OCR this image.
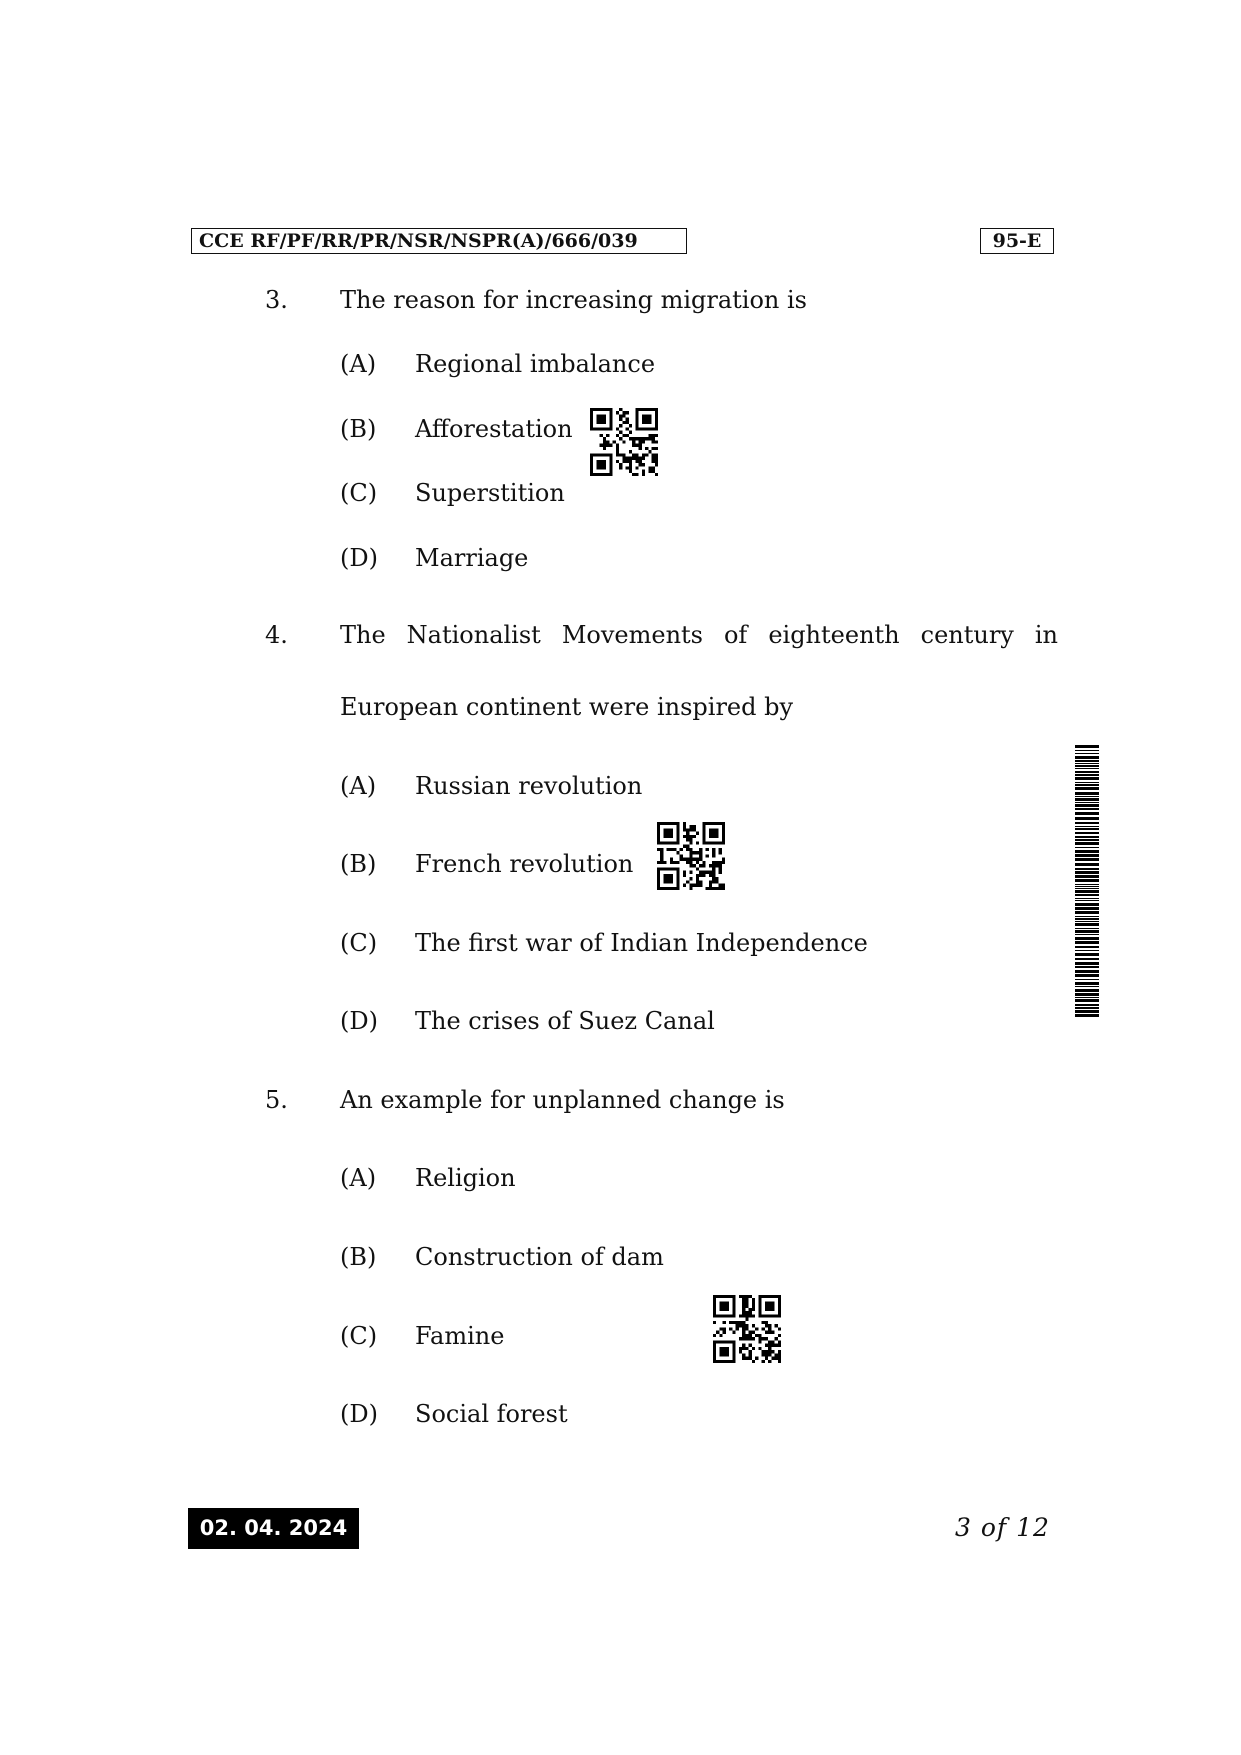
CCE RF/PF/RR/PR/NSR/NSPR(A)/666/039	95-E
3. The reason for increasing migration is
(A) Regional imbalance
(B) Afforestation
(C) Superstition
(D) Marriage
4. The Nationalist Movements of eighteenth century in
European continent were inspired by
(A) Russian revolution
(B) French revolution
(C) The first war of Indian Independence
(D) The crises of Suez Canal
5. An example for unplanned change is
(A) Religion
(B) Construction of dam
(C) Famine
(D) Social forest
02. 04. 2024	3 of 12
